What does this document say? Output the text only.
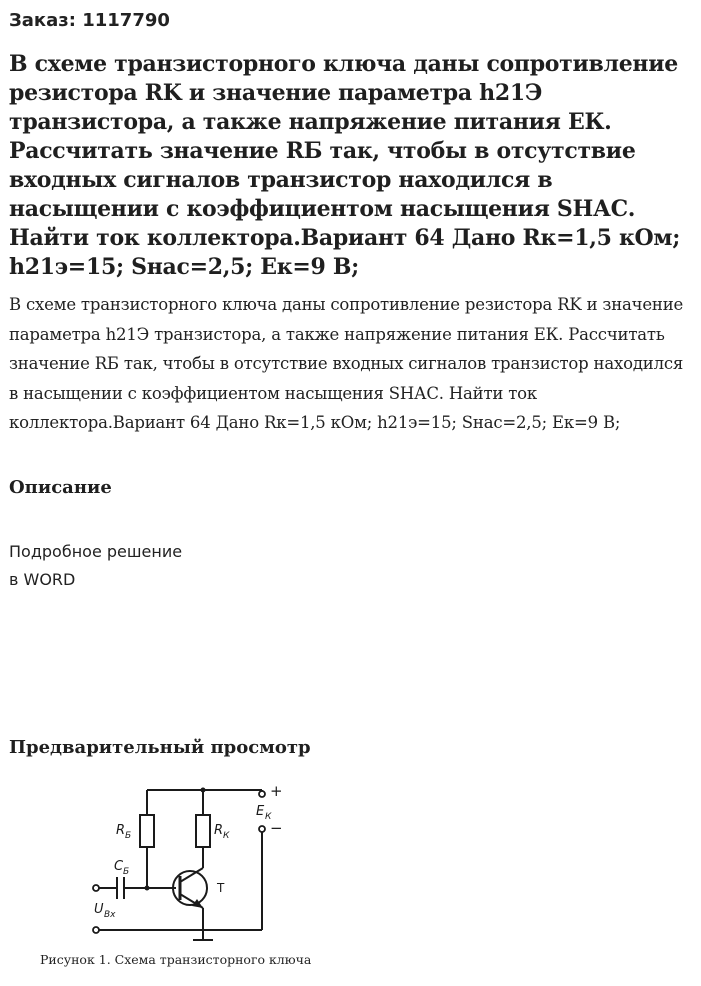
Заказ: 1117790
В схеме транзисторного ключа даны сопротивление резистора RK и значение параметра h21Э транзистора, а также напряжение питания ЕК. Рассчитать значение RБ так, чтобы в отсутствие входных сигналов транзистор находился в насыщении с коэффициентом насыщения SНАС. Найти ток коллектора.Вариант 64 Дано Rк=1,5 кОм; h21э=15; Sнас=2,5; Ек=9 В;

В схеме транзисторного ключа даны сопротивление резистора RK и значение параметра h21Э транзистора, а также напряжение питания ЕК. Рассчитать значение RБ так, чтобы в отсутствие входных сигналов транзистор находился в насыщении с коэффициентом насыщения SНАС. Найти ток коллектора.Вариант 64 Дано Rк=1,5 кОм; h21э=15; Sнас=2,5; Ек=9 В;

Описание
Подробное решение
в WORD
Предварительный просмотр
R Б	R К
C Б
E К
U Вх
+
−
T
Рисунок 1. Схема транзисторного ключа
